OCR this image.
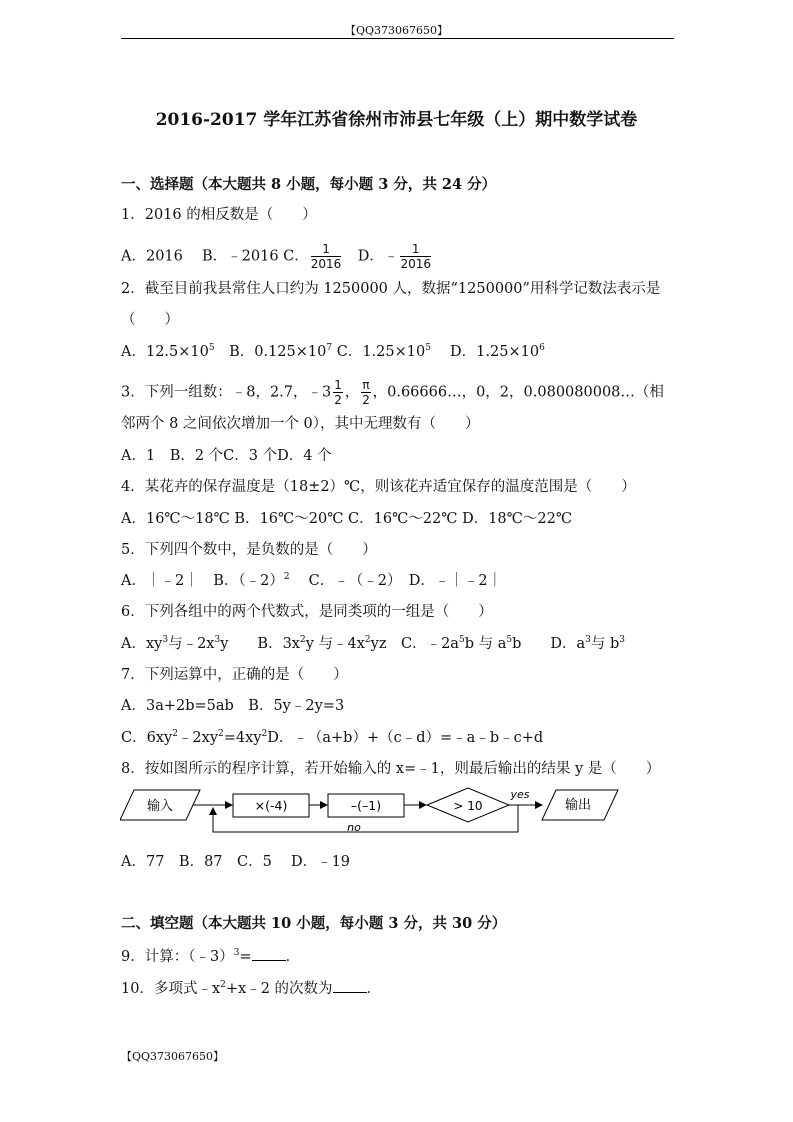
【QQ373067650】
2016-2017 学年江苏省徐州市沛县七年级（上）期中数学试卷
一、选择题（本大题共 8 小题，每小题 3 分，共 24 分）
1．2016 的相反数是（　　）
A．2016　 B．﹣2016 C． $\frac{1}{2016}$ 　D．﹣ $\frac{1}{2016}$
2．截至目前我县常住人口约为 1250000 人，数据“1250000”用科学记数法表示是
（　　）
A．$12.5\times 10^5$　B．$0.125\times 10^7$ C．$1.25\times 10^5$　 D．$1.25\times 10^6$
3．下列一组数：﹣8，2.7，﹣3 $\frac{1}{2}$ ， $\frac{\pi}{2}$ ，0.66666…，0，2，0.080080008…（相
邻两个 8 之间依次增加一个 0），其中无理数有（　　）
A．1　B．2 个C．3 个D．4 个
4．某花卉的保存温度是（18±2）℃，则该花卉适宜保存的温度范围是（　　）
A．16℃～18℃ B．16℃～20℃ C．16℃～22℃ D．18℃～22℃
5．下列四个数中，是负数的是（　　）
A．｜﹣2｜　B．（﹣2）$^2$　 C．﹣（﹣2）　D．﹣｜﹣2｜
6．下列各组中的两个代数式，是同类项的一组是（　　）
A．$xy^3$与$﹣2x^3y$　　B．$3x^2y$ 与$﹣4x^2yz$　C．$﹣2a^5b$ 与 $a^5b$　　D．$a^3$与 $b^3$
7．下列运算中，正确的是（　　）
A．3a+2b=5ab　B．5y﹣2y=3
C．$6xy^2﹣2xy^2=4xy^2D$．﹣（a+b）+（c﹣d）=﹣a﹣b﹣c+d
8．按如图所示的程序计算，若开始输入的 x=﹣1，则最后输出的结果 y 是（　　）
输入	×(-4)	–(–1)	> 10
yes
输出
no
A．77　B．87　C．5　 D．﹣19
二、填空题（本大题共 10 小题，每小题 3 分，共 30 分）
9．计算：（﹣3）$^3$= ．
10．多项式$﹣x^2+x﹣2$ 的次数为 ．
【QQ373067650】
